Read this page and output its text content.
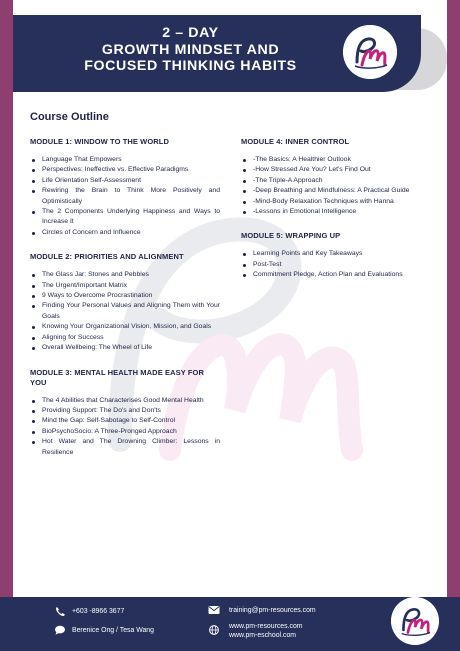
2 – DAY
GROWTH MINDSET AND
FOCUSED THINKING HABITS
Course Outline
MODULE 1: WINDOW TO THE WORLD
Language That Empowers
Perspectives: Ineffective vs. Effective Paradigms
Life Orientation Self-Assessment
Rewiring the Brain to Think More Positively and Optimistically
The 2 Components Underlying Happiness and Ways to Increase It
Circles of Concern and Influence
MODULE 2: PRIORITIES AND ALIGNMENT
The Glass Jar: Stones and Pebbles
The Urgent/Important Matrix
9 Ways to Overcome Procrastination
Finding Your Personal Values and Aligning Them with Your Goals
Knowing Your Organizational Vision, Mission, and Goals
Aligning for Success
Overall Wellbeing: The Wheel of Life
MODULE 3: MENTAL HEALTH MADE EASY FOR YOU
The 4 Abilities that Characterises Good Mental Health
Providing Support: The Do's and Don'ts
Mind the Gap: Self-Sabotage to Self-Control
BioPsychoSocio: A Three-Pronged Approach
Hot Water and The Drowning Climber: Lessons in Resilience
MODULE 4: INNER CONTROL
-The Basics: A Healthier Outlook
-How Stressed Are You? Let's Find Out
-The Triple-A Approach
-Deep Breathing and Mindfulness: A Practical Guide
-Mind-Body Relaxation Techniques with Hanna
-Lessons in Emotional Intelligence
MODULE 5: WRAPPING UP
Learning Points and Key Takeaways
Post-Test
Commitment Pledge, Action Plan and Evaluations
+603 -8966 3677
Berenice Ong / Tesa Wang
training@pm-resources.com
www.pm-resources.com
www.pm-eschool.com
